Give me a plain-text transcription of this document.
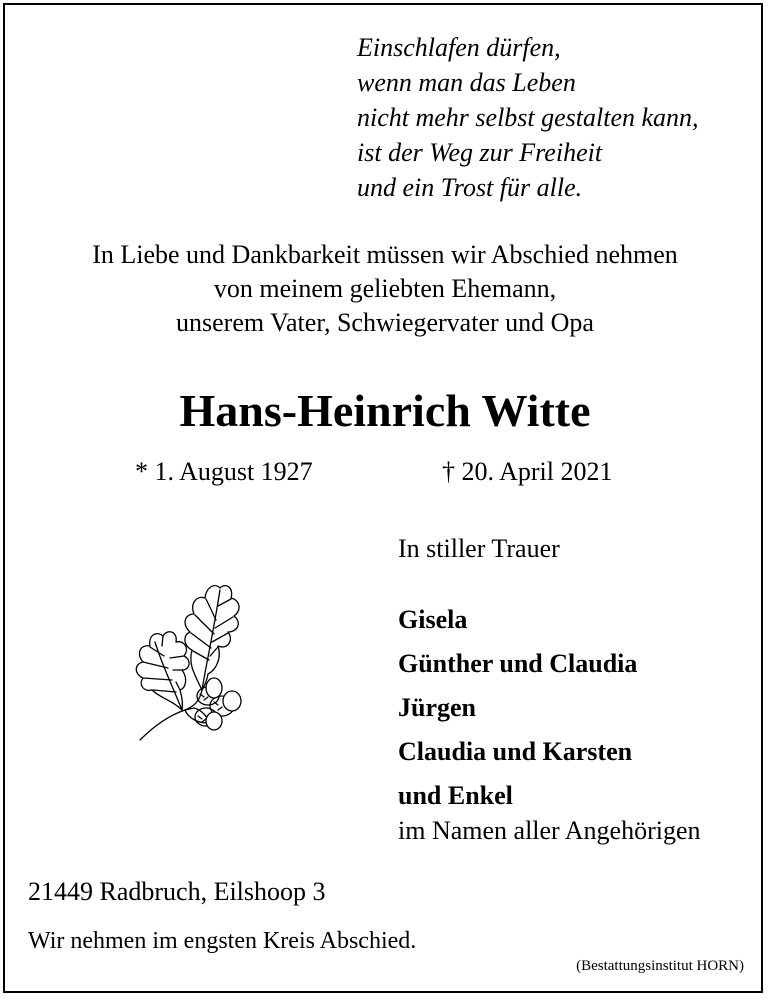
Einschlafen dürfen,
wenn man das Leben
nicht mehr selbst gestalten kann,
ist der Weg zur Freiheit
und ein Trost für alle.
In Liebe und Dankbarkeit müssen wir Abschied nehmen
von meinem geliebten Ehemann,
unserem Vater, Schwiegervater und Opa
Hans-Heinrich Witte
* 1. August 1927	† 20. April 2021
In stiller Trauer
Gisela
Günther und Claudia
Jürgen
Claudia und Karsten
und Enkel
im Namen aller Angehörigen
21449 Radbruch, Eilshoop 3
Wir nehmen im engsten Kreis Abschied.
(Bestattungsinstitut HORN)
